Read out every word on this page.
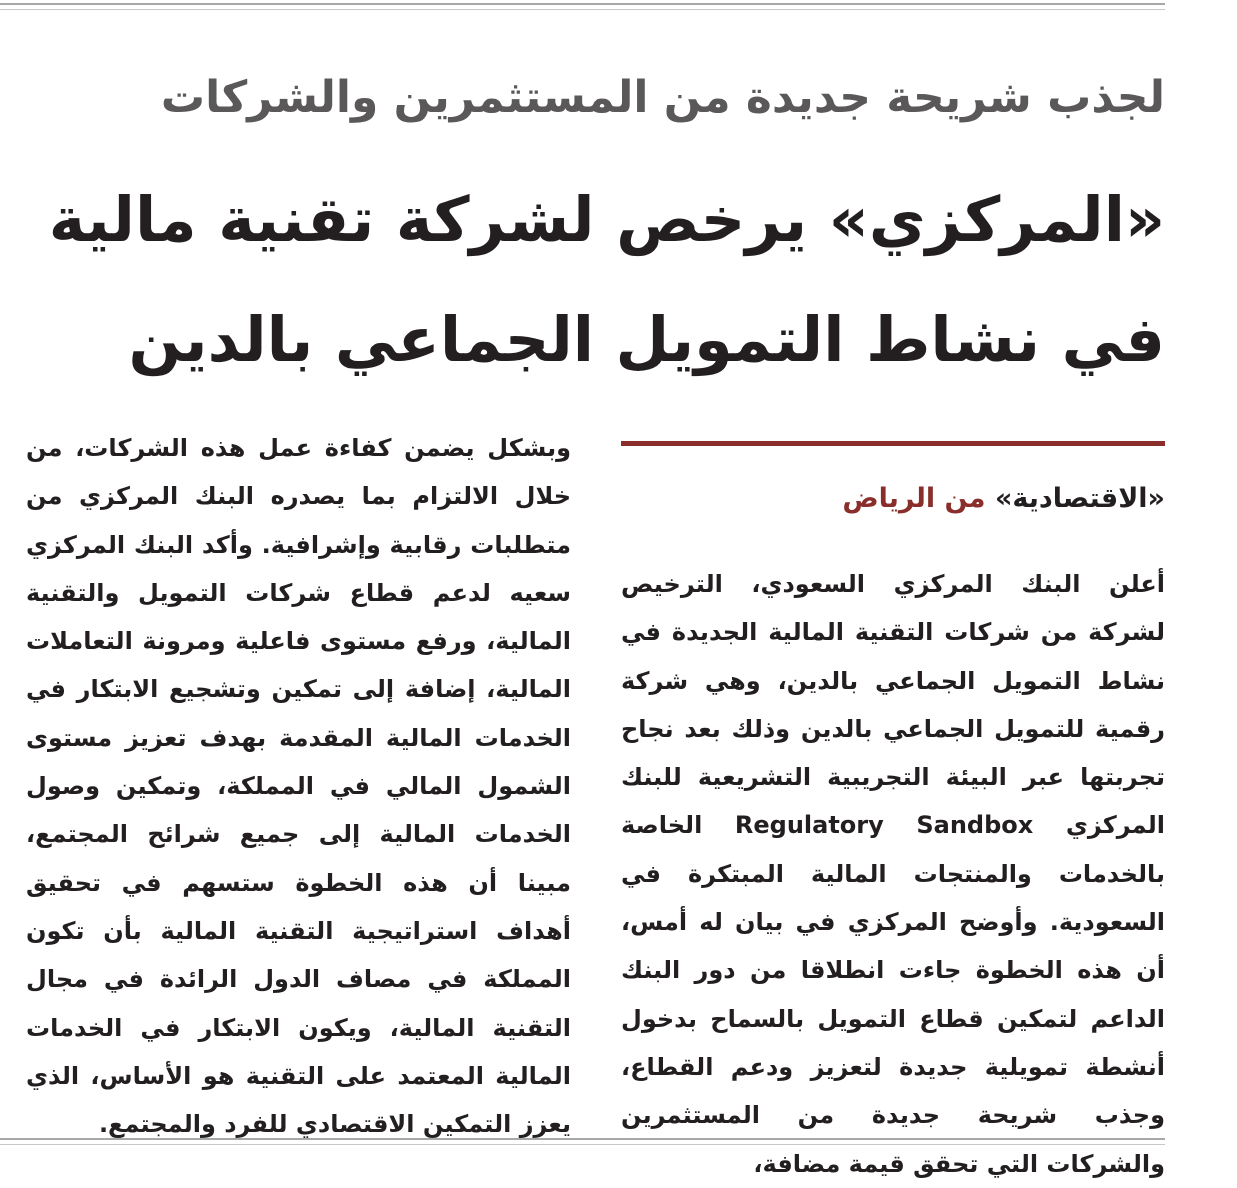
لجذب شريحة جديدة من المستثمرين والشركات
«المركزي» يرخص لشركة تقنية مالية
في نشاط التمويل الجماعي بالدين
«الاقتصادية» من الرياض

أعلن البنك المركزي السعودي، الترخيص لشركة من شركات التقنية المالية الجديدة في نشاط التمويل الجماعي بالدين، وهي شركة رقمية للتمويل الجماعي بالدين وذلك بعد نجاح تجربتها عبر البيئة التجريبية التشريعية للبنك المركزي Regulatory Sandbox الخاصة بالخدمات والمنتجات المالية المبتكرة في السعودية. وأوضح المركزي في بيان له أمس، أن هذه الخطوة جاءت انطلاقا من دور البنك الداعم لتمكين قطاع التمويل بالسماح بدخول أنشطة تمويلية جديدة لتعزيز ودعم القطاع، وجذب شريحة جديدة من المستثمرين والشركات التي تحقق قيمة مضافة،

وبشكل يضمن كفاءة عمل هذه الشركات، من خلال الالتزام بما يصدره البنك المركزي من متطلبات رقابية وإشرافية. وأكد البنك المركزي سعيه لدعم قطاع شركات التمويل والتقنية المالية، ورفع مستوى فاعلية ومرونة التعاملات المالية، إضافة إلى تمكين وتشجيع الابتكار في الخدمات المالية المقدمة بهدف تعزيز مستوى الشمول المالي في المملكة، وتمكين وصول الخدمات المالية إلى جميع شرائح المجتمع، مبينا أن هذه الخطوة ستسهم في تحقيق أهداف استراتيجية التقنية المالية بأن تكون المملكة في مصاف الدول الرائدة في مجال التقنية المالية، ويكون الابتكار في الخدمات المالية المعتمد على التقنية هو الأساس، الذي يعزز التمكين الاقتصادي للفرد والمجتمع.
